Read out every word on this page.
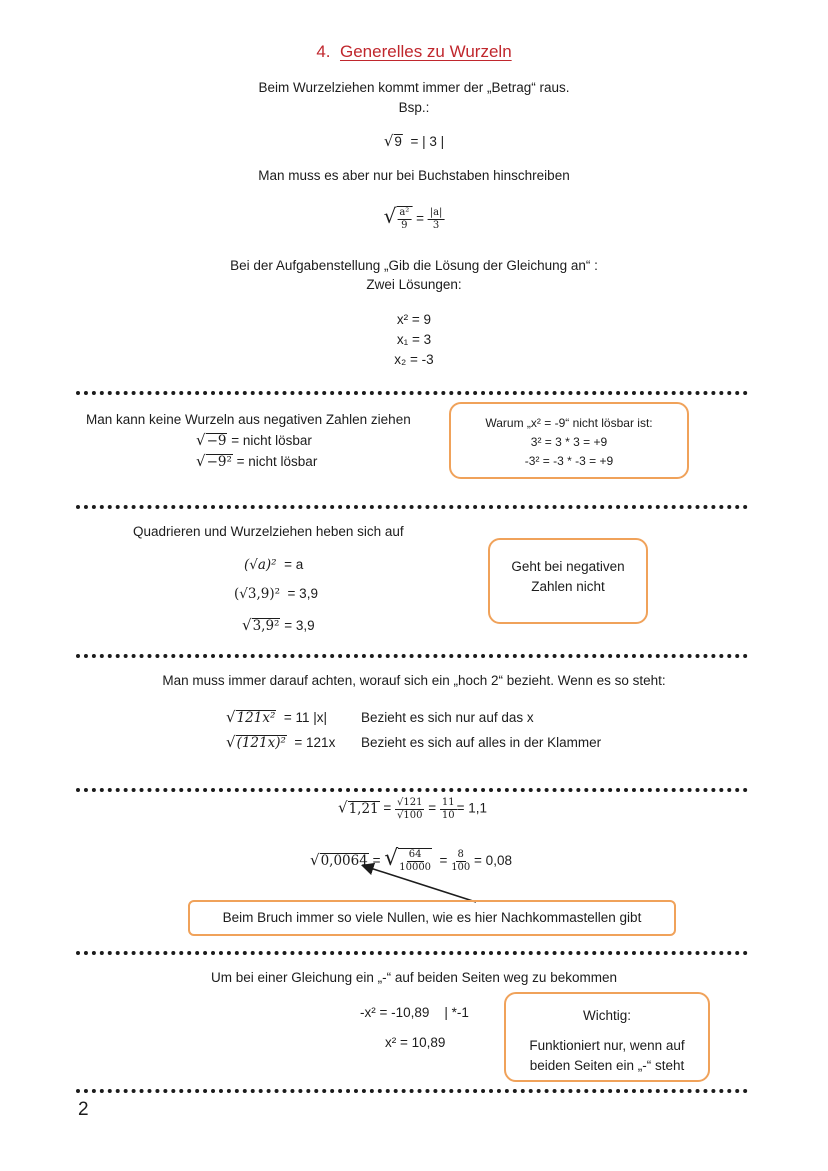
4. Generelles zu Wurzeln
Beim Wurzelziehen kommt immer der „Betrag“ raus.
Bsp.:
√9 = | 3 |
Man muss es aber nur bei Buchstaben hinschreiben
√ $\frac{\text{a²}}{9} = \frac{|a|}{3}$
Bei der Aufgabenstellung „Gib die Lösung der Gleichung an“ :
Zwei Lösungen:
x² = 9
x₁ = 3
x₂ = -3
Man kann keine Wurzeln aus negativen Zahlen ziehen
√−9 = nicht lösbar
√−9² = nicht lösbar
Warum „x² = -9“ nicht lösbar ist:
3² = 3 * 3 = +9
-3² = -3 * -3 = +9
Quadrieren und Wurzelziehen heben sich auf
(√a)² = a
(√3,9)² = 3,9
√3,9² = 3,9
Geht bei negativen
Zahlen nicht
Man muss immer darauf achten, worauf sich ein „hoch 2“ bezieht. Wenn es so steht:
√121x² = 11 |x|	Bezieht es sich nur auf das x
√(121x)² = 121x Bezieht es sich auf alles in der Klammer
$√1,21 = \frac{√121}{√100} = \frac{11}{10} = 1,1$
√0,0064 = √ $\frac{64}{10000} = \frac{8}{100} = 0,08$
Beim Bruch immer so viele Nullen, wie es hier Nachkommastellen gibt
Um bei einer Gleichung ein „-“ auf beiden Seiten weg zu bekommen
-x² = -10,89 | *-1
x² = 10,89
Wichtig:
Funktioniert nur, wenn auf
beiden Seiten ein „-“ steht
2
